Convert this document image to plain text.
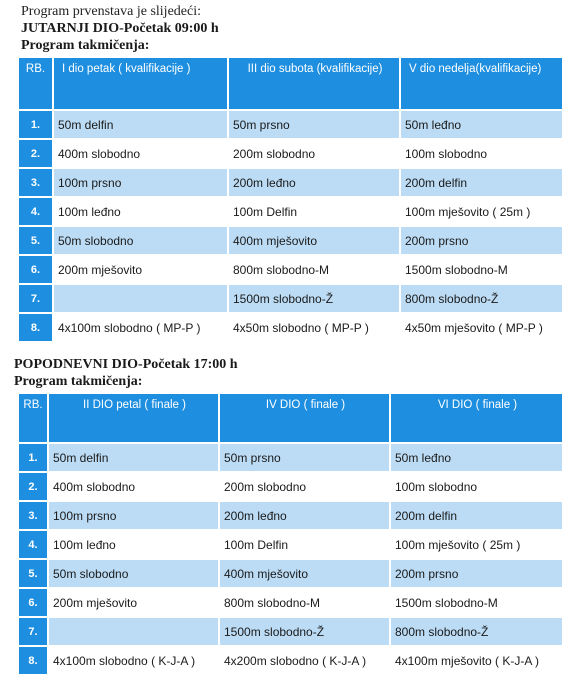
Program prvenstava je slijedeći:
JUTARNJI DIO-Početak 09:00 h
Program takmičenja:
RB.	I dio petak ( kvalifikacije )	III dio subota (kvalifikacije)	V dio nedelja(kvalifikacije)
1.	50m delfin	50m prsno	50m leđno
2.	400m slobodno	200m slobodno	100m slobodno
3.	100m prsno	200m leđno	200m delfin
4.	100m leđno	100m Delfin	100m mješovito ( 25m )
5.	50m slobodno	400m mješovito	200m prsno
6.	200m mješovito	800m slobodno-M	1500m slobodno-M
7.		1500m slobodno-Ž	800m slobodno-Ž
8.	4x100m slobodno ( MP-P )	4x50m slobodno ( MP-P )	4x50m mješovito ( MP-P )
POPODNEVNI DIO-Početak 17:00 h
Program takmičenja:
RB.	II DIO petal ( finale )	IV DIO ( finale )	VI DIO ( finale )
1.	50m delfin	50m prsno	50m leđno
2.	400m slobodno	200m slobodno	100m slobodno
3.	100m prsno	200m leđno	200m delfin
4.	100m leđno	100m Delfin	100m mješovito ( 25m )
5.	50m slobodno	400m mješovito	200m prsno
6.	200m mješovito	800m slobodno-M	1500m slobodno-M
7.		1500m slobodno-Ž	800m slobodno-Ž
8.	4x100m slobodno ( K-J-A )	4x200m slobodno ( K-J-A )	4x100m mješovito ( K-J-A )
